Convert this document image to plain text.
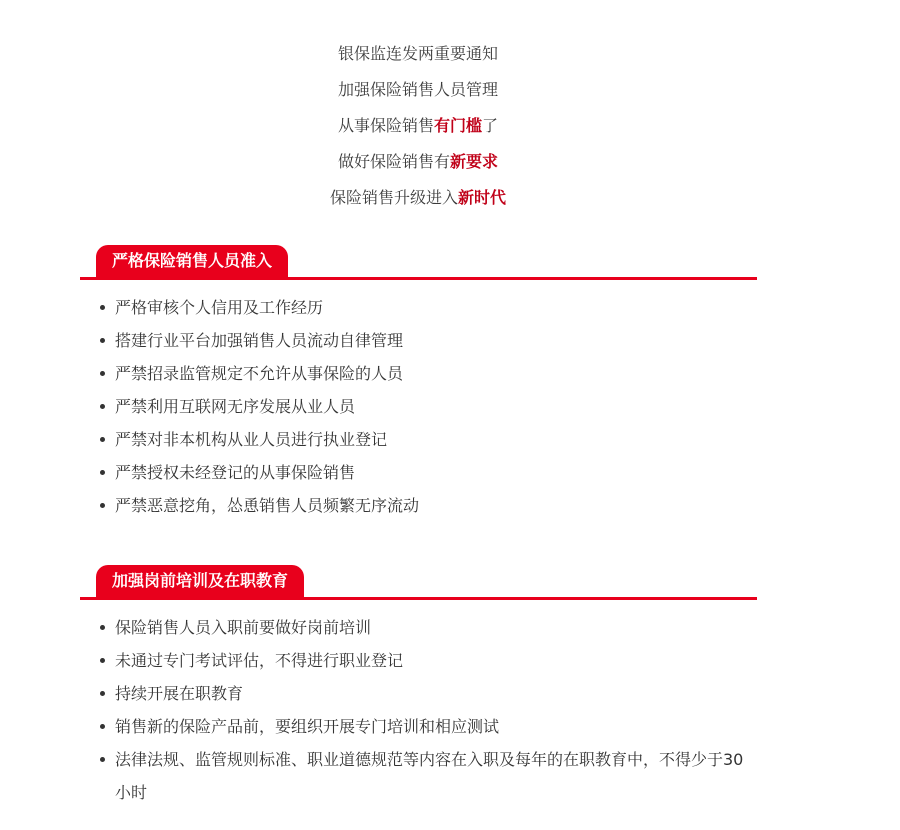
银保监连发两重要通知
加强保险销售人员管理
从事保险销售有门槛了
做好保险销售有新要求
保险销售升级进入新时代
严格保险销售人员准入
严格审核个人信用及工作经历
搭建行业平台加强销售人员流动自律管理
严禁招录监管规定不允许从事保险的人员
严禁利用互联网无序发展从业人员
严禁对非本机构从业人员进行执业登记
严禁授权未经登记的从事保险销售
严禁恶意挖角，怂恿销售人员频繁无序流动
加强岗前培训及在职教育
保险销售人员入职前要做好岗前培训
未通过专门考试评估，不得进行职业登记
持续开展在职教育
销售新的保险产品前，要组织开展专门培训和相应测试
法律法规、监管规则标准、职业道德规范等内容在入职及每年的在职教育中，不得少于30小时
